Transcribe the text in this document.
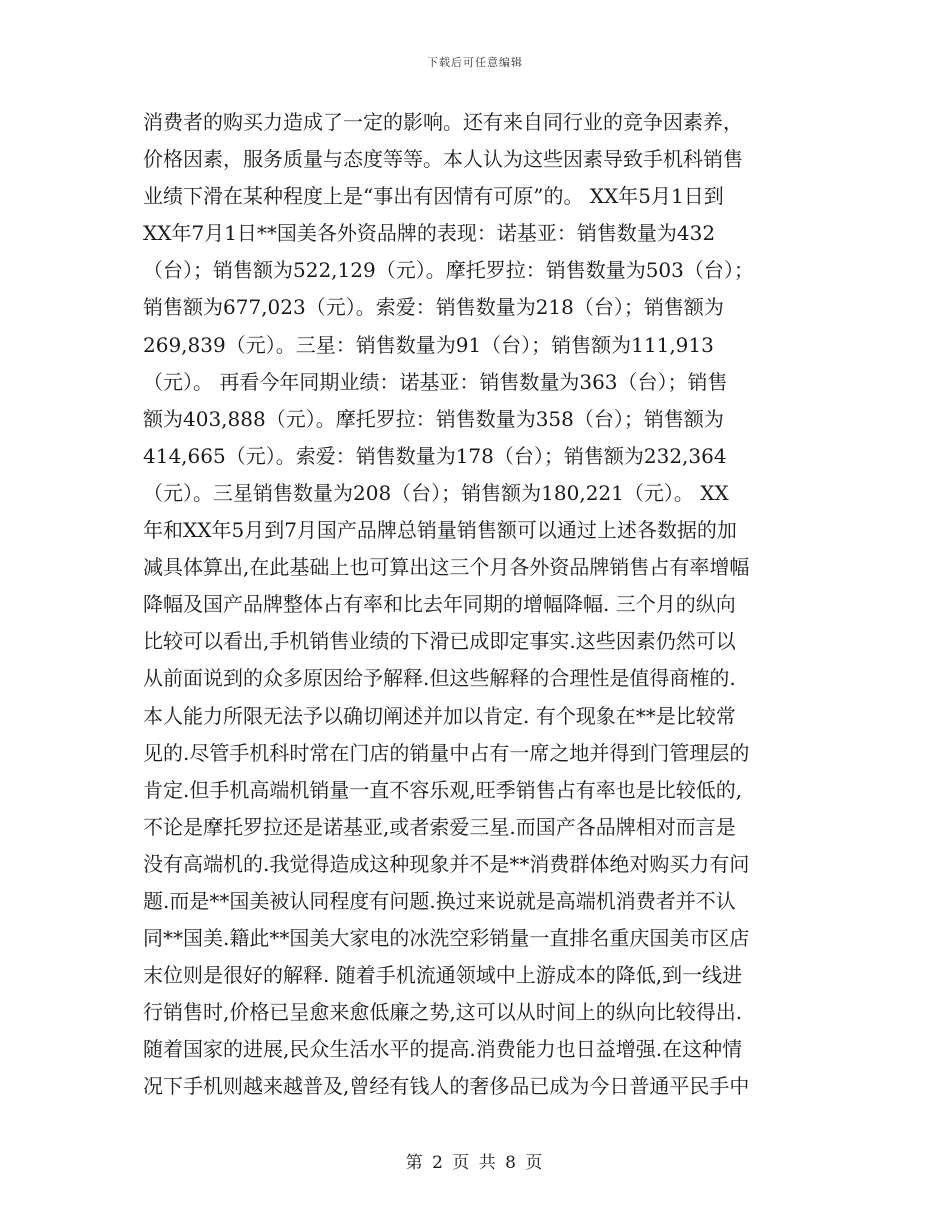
下载后可任意编辑
消费者的购买力造成了一定的影响。还有来自同行业的竞争因素养，
价格因素，服务质量与态度等等。本人认为这些因素导致手机科销售
业绩下滑在某种程度上是“事出有因情有可原”的。 XX年5月1日到
XX年7月1日**国美各外资品牌的表现：诺基亚：销售数量为432
（台）；销售额为522,129（元）。摩托罗拉：销售数量为503（台）；
销售额为677,023（元）。索爱：销售数量为218（台）；销售额为
269,839（元）。三星：销售数量为91（台）；销售额为111,913
（元）。 再看今年同期业绩：诺基亚：销售数量为363（台）；销售
额为403,888（元）。摩托罗拉：销售数量为358（台）；销售额为
414,665（元）。索爱：销售数量为178（台）；销售额为232,364
（元）。三星销售数量为208（台）；销售额为180,221（元）。 XX
年和XX年5月到7月国产品牌总销量销售额可以通过上述各数据的加
减具体算出,在此基础上也可算出这三个月各外资品牌销售占有率增幅
降幅及国产品牌整体占有率和比去年同期的增幅降幅. 三个月的纵向
比较可以看出,手机销售业绩的下滑已成即定事实.这些因素仍然可以
从前面说到的众多原因给予解释.但这些解释的合理性是值得商榷的.
本人能力所限无法予以确切阐述并加以肯定. 有个现象在**是比较常
见的.尽管手机科时常在门店的销量中占有一席之地并得到门管理层的
肯定.但手机高端机销量一直不容乐观,旺季销售占有率也是比较低的,
不论是摩托罗拉还是诺基亚,或者索爱三星.而国产各品牌相对而言是
没有高端机的.我觉得造成这种现象并不是**消费群体绝对购买力有问
题.而是**国美被认同程度有问题.换过来说就是高端机消费者并不认
同**国美.籍此**国美大家电的冰洗空彩销量一直排名重庆国美市区店
末位则是很好的解释. 随着手机流通领域中上游成本的降低,到一线进
行销售时,价格已呈愈来愈低廉之势,这可以从时间上的纵向比较得出.
随着国家的进展,民众生活水平的提高.消费能力也日益增强.在这种情
况下手机则越来越普及,曾经有钱人的奢侈品已成为今日普通平民手中
第 2 页 共 8 页
